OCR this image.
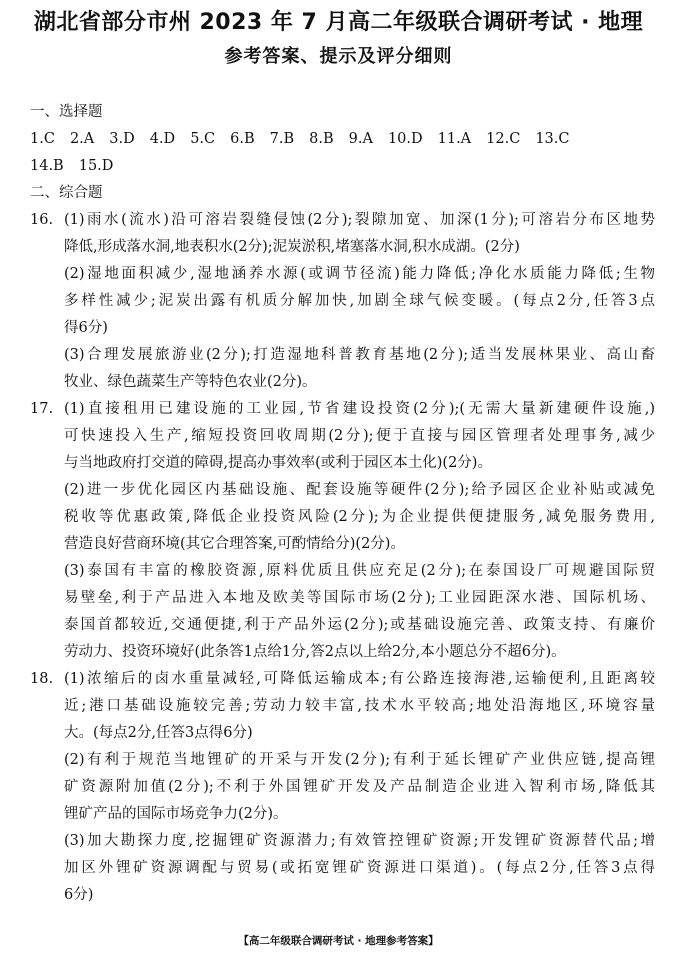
湖北省部分市州 2023 年 7 月高二年级联合调研考试 · 地理
参考答案、提示及评分细则
一、选择题
1.C 2.A 3.D 4.D 5.C 6.B 7.B 8.B 9.A 10.D 11.A 12.C 13.C
14.B 15.D
二、综合题
16. (1)雨水(流水)沿可溶岩裂缝侵蚀(2分);裂隙加宽、加深(1分);可溶岩分布区地势
降低,形成落水洞,地表积水(2分);泥炭淤积,堵塞落水洞,积水成湖。(2分)
(2)湿地面积减少,湿地涵养水源(或调节径流)能力降低;净化水质能力降低;生物
多样性减少;泥炭出露有机质分解加快,加剧全球气候变暖。(每点2分,任答3点
得6分)
(3)合理发展旅游业(2分);打造湿地科普教育基地(2分);适当发展林果业、高山畜
牧业、绿色蔬菜生产等特色农业(2分)。
17. (1)直接租用已建设施的工业园,节省建设投资(2分);(无需大量新建硬件设施,)
可快速投入生产,缩短投资回收周期(2分);便于直接与园区管理者处理事务,减少
与当地政府打交道的障碍,提高办事效率(或利于园区本土化)(2分)。
(2)进一步优化园区内基础设施、配套设施等硬件(2分);给予园区企业补贴或减免
税收等优惠政策,降低企业投资风险(2分);为企业提供便捷服务,减免服务费用,
营造良好营商环境(其它合理答案,可酌情给分)(2分)。
(3)泰国有丰富的橡胶资源,原料优质且供应充足(2分);在泰国设厂可规避国际贸
易壁垒,利于产品进入本地及欧美等国际市场(2分);工业园距深水港、国际机场、
泰国首都较近,交通便捷,利于产品外运(2分);或基础设施完善、政策支持、有廉价
劳动力、投资环境好(此条答1点给1分,答2点以上给2分,本小题总分不超6分)。
18. (1)浓缩后的卤水重量减轻,可降低运输成本;有公路连接海港,运输便利,且距离较
近;港口基础设施较完善;劳动力较丰富,技术水平较高;地处沿海地区,环境容量
大。(每点2分,任答3点得6分)
(2)有利于规范当地锂矿的开采与开发(2分);有利于延长锂矿产业供应链,提高锂
矿资源附加值(2分);不利于外国锂矿开发及产品制造企业进入智利市场,降低其
锂矿产品的国际市场竞争力(2分)。
(3)加大勘探力度,挖掘锂矿资源潜力;有效管控锂矿资源;开发锂矿资源替代品;增
加区外锂矿资源调配与贸易(或拓宽锂矿资源进口渠道)。(每点2分,任答3点得
6分)
【高二年级联合调研考试 · 地理参考答案】
